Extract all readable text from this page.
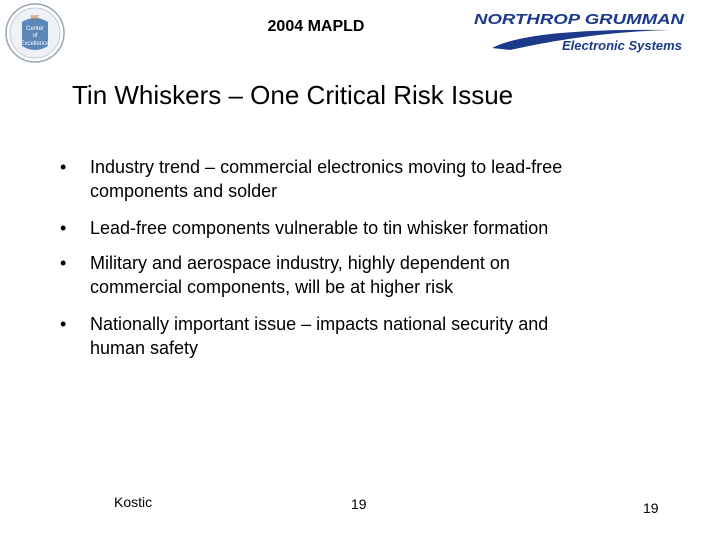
IMF
Center
of
Excellence
2004 MAPLD	NORTHROP GRUMMAN
Electronic Systems
Tin Whiskers – One Critical Risk Issue
• Industry trend – commercial electronics moving to lead-free
components and solder
• Lead-free components vulnerable to tin whisker formation
• Military and aerospace industry, highly dependent on
commercial components, will be at higher risk
• Nationally important issue – impacts national security and
human safety
Kostic	19	19
